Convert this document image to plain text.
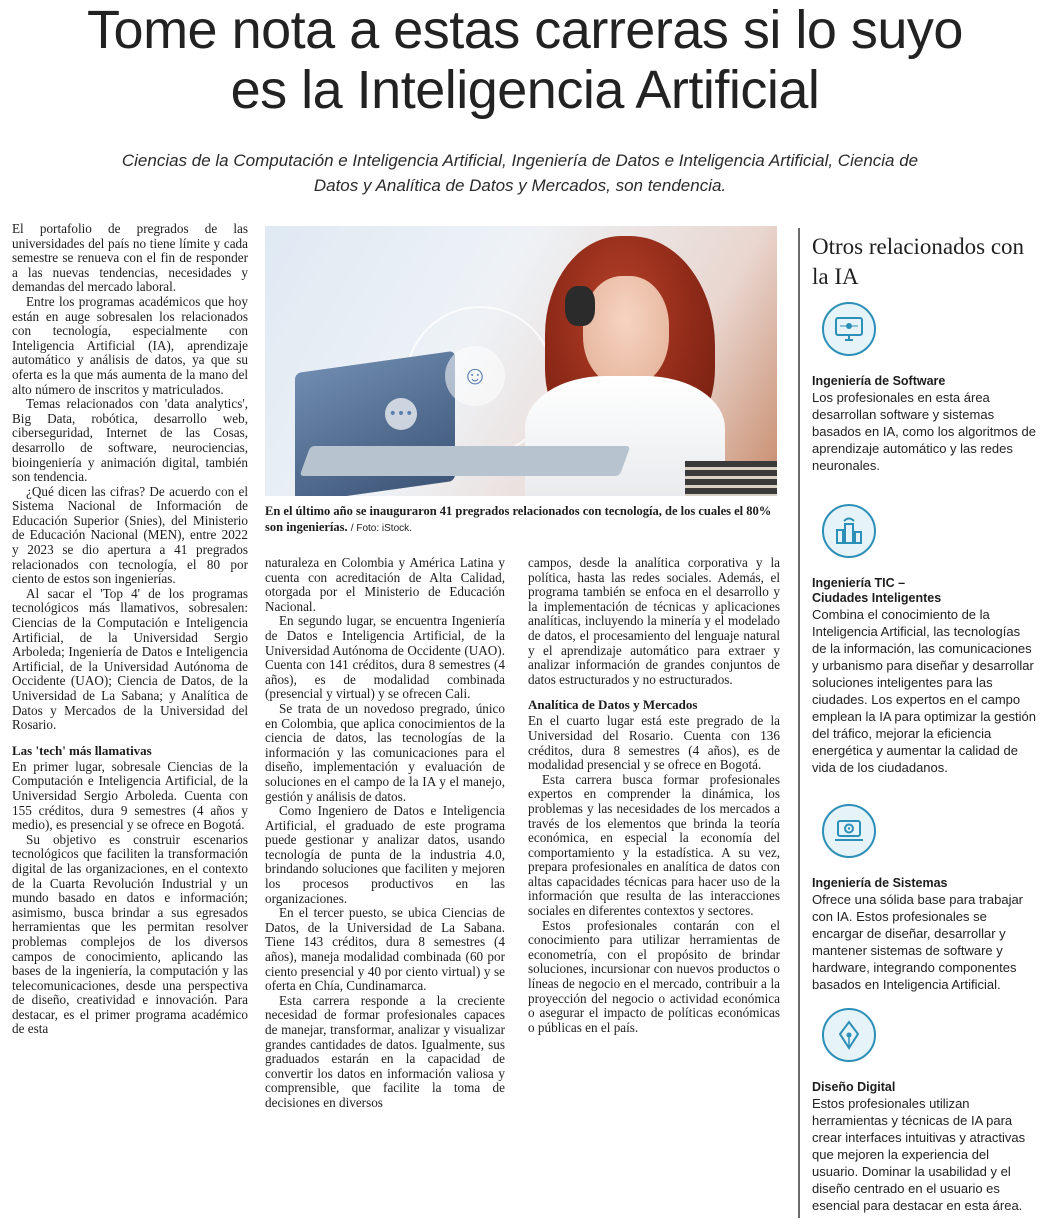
Tome nota a estas carreras si lo suyo es la Inteligencia Artificial

Ciencias de la Computación e Inteligencia Artificial, Ingeniería de Datos e Inteligencia Artificial, Ciencia de Datos y Analítica de Datos y Mercados, son tendencia.

El portafolio de pregrados de las universidades del país no tiene límite y cada semestre se renueva con el fin de responder a las nuevas tendencias, necesidades y demandas del mercado laboral.

Entre los programas académicos que hoy están en auge sobresalen los relacionados con tecnología, especialmente con Inteligencia Artificial (IA), aprendizaje automático y análisis de datos, ya que su oferta es la que más aumenta de la mano del alto número de inscritos y matriculados.

Temas relacionados con 'data analytics', Big Data, robótica, desarrollo web, ciberseguridad, Internet de las Cosas, desarrollo de software, neurociencias, bioingeniería y animación digital, también son tendencia.

¿Qué dicen las cifras? De acuerdo con el Sistema Nacional de Información de Educación Superior (Snies), del Ministerio de Educación Nacional (MEN), entre 2022 y 2023 se dio apertura a 41 pregrados relacionados con tecnología, el 80 por ciento de estos son ingenierías.

Al sacar el 'Top 4' de los programas tecnológicos más llamativos, sobresalen: Ciencias de la Computación e Inteligencia Artificial, de la Universidad Sergio Arboleda; Ingeniería de Datos e Inteligencia Artificial, de la Universidad Autónoma de Occidente (UAO); Ciencia de Datos, de la Universidad de La Sabana; y Analítica de Datos y Mercados de la Universidad del Rosario.

Las 'tech' más llamativas

En primer lugar, sobresale Ciencias de la Computación e Inteligencia Artificial, de la Universidad Sergio Arboleda. Cuenta con 155 créditos, dura 9 semestres (4 años y medio), es presencial y se ofrece en Bogotá.

Su objetivo es construir escenarios tecnológicos que faciliten la transformación digital de las organizaciones, en el contexto de la Cuarta Revolución Industrial y un mundo basado en datos e información; asimismo, busca brindar a sus egresados herramientas que les permitan resolver problemas complejos de los diversos campos de conocimiento, aplicando las bases de la ingeniería, la computación y las telecomunicaciones, desde una perspectiva de diseño, creatividad e innovación. Para destacar, es el primer programa académico de esta

☺
•••
En el último año se inauguraron 41 pregrados relacionados con tecnología, de los cuales el 80% son ingenierías. / Foto: iStock.

naturaleza en Colombia y América Latina y cuenta con acreditación de Alta Calidad, otorgada por el Ministerio de Educación Nacional.

En segundo lugar, se encuentra Ingeniería de Datos e Inteligencia Artificial, de la Universidad Autónoma de Occidente (UAO). Cuenta con 141 créditos, dura 8 semestres (4 años), es de modalidad combinada (presencial y virtual) y se ofrecen Cali.

Se trata de un novedoso pregrado, único en Colombia, que aplica conocimientos de la ciencia de datos, las tecnologías de la información y las comunicaciones para el diseño, implementación y evaluación de soluciones en el campo de la IA y el manejo, gestión y análisis de datos.

Como Ingeniero de Datos e Inteligencia Artificial, el graduado de este programa puede gestionar y analizar datos, usando tecnología de punta de la industria 4.0, brindando soluciones que faciliten y mejoren los procesos productivos en las organizaciones.

En el tercer puesto, se ubica Ciencias de Datos, de la Universidad de La Sabana. Tiene 143 créditos, dura 8 semestres (4 años), maneja modalidad combinada (60 por ciento presencial y 40 por ciento virtual) y se oferta en Chía, Cundinamarca.

Esta carrera responde a la creciente necesidad de formar profesionales capaces de manejar, transformar, analizar y visualizar grandes cantidades de datos. Igualmente, sus graduados estarán en la capacidad de convertir los datos en información valiosa y comprensible, que facilite la toma de decisiones en diversos

campos, desde la analítica corporativa y la política, hasta las redes sociales. Además, el programa también se enfoca en el desarrollo y la implementación de técnicas y aplicaciones analíticas, incluyendo la minería y el modelado de datos, el procesamiento del lenguaje natural y el aprendizaje automático para extraer y analizar información de grandes conjuntos de datos estructurados y no estructurados.

Analítica de Datos y Mercados

En el cuarto lugar está este pregrado de la Universidad del Rosario. Cuenta con 136 créditos, dura 8 semestres (4 años), es de modalidad presencial y se ofrece en Bogotá.

Esta carrera busca formar profesionales expertos en comprender la dinámica, los problemas y las necesidades de los mercados a través de los elementos que brinda la teoría económica, en especial la economía del comportamiento y la estadística. A su vez, prepara profesionales en analítica de datos con altas capacidades técnicas para hacer uso de la información que resulta de las interacciones sociales en diferentes contextos y sectores.

Estos profesionales contarán con el conocimiento para utilizar herramientas de econometría, con el propósito de brindar soluciones, incursionar con nuevos productos o líneas de negocio en el mercado, contribuir a la proyección del negocio o actividad económica o asegurar el impacto de políticas económicas o públicas en el país.

Otros relacionados con la IA
Ingeniería de Software

Los profesionales en esta área desarrollan software y sistemas basados en IA, como los algoritmos de aprendizaje automático y las redes neuronales.

Ingeniería TIC – Ciudades Inteligentes

Combina el conocimiento de la Inteligencia Artificial, las tecnologías de la información, las comunicaciones y urbanismo para diseñar y desarrollar soluciones inteligentes para las ciudades. Los expertos en el campo emplean la IA para optimizar la gestión del tráfico, mejorar la eficiencia energética y aumentar la calidad de vida de los ciudadanos.

Ingeniería de Sistemas

Ofrece una sólida base para trabajar con IA. Estos profesionales se encargar de diseñar, desarrollar y mantener sistemas de software y hardware, integrando componentes basados en Inteligencia Artificial.

Diseño Digital

Estos profesionales utilizan herramientas y técnicas de IA para crear interfaces intuitivas y atractivas que mejoren la experiencia del usuario. Dominar la usabilidad y el diseño centrado en el usuario es esencial para destacar en esta área.
